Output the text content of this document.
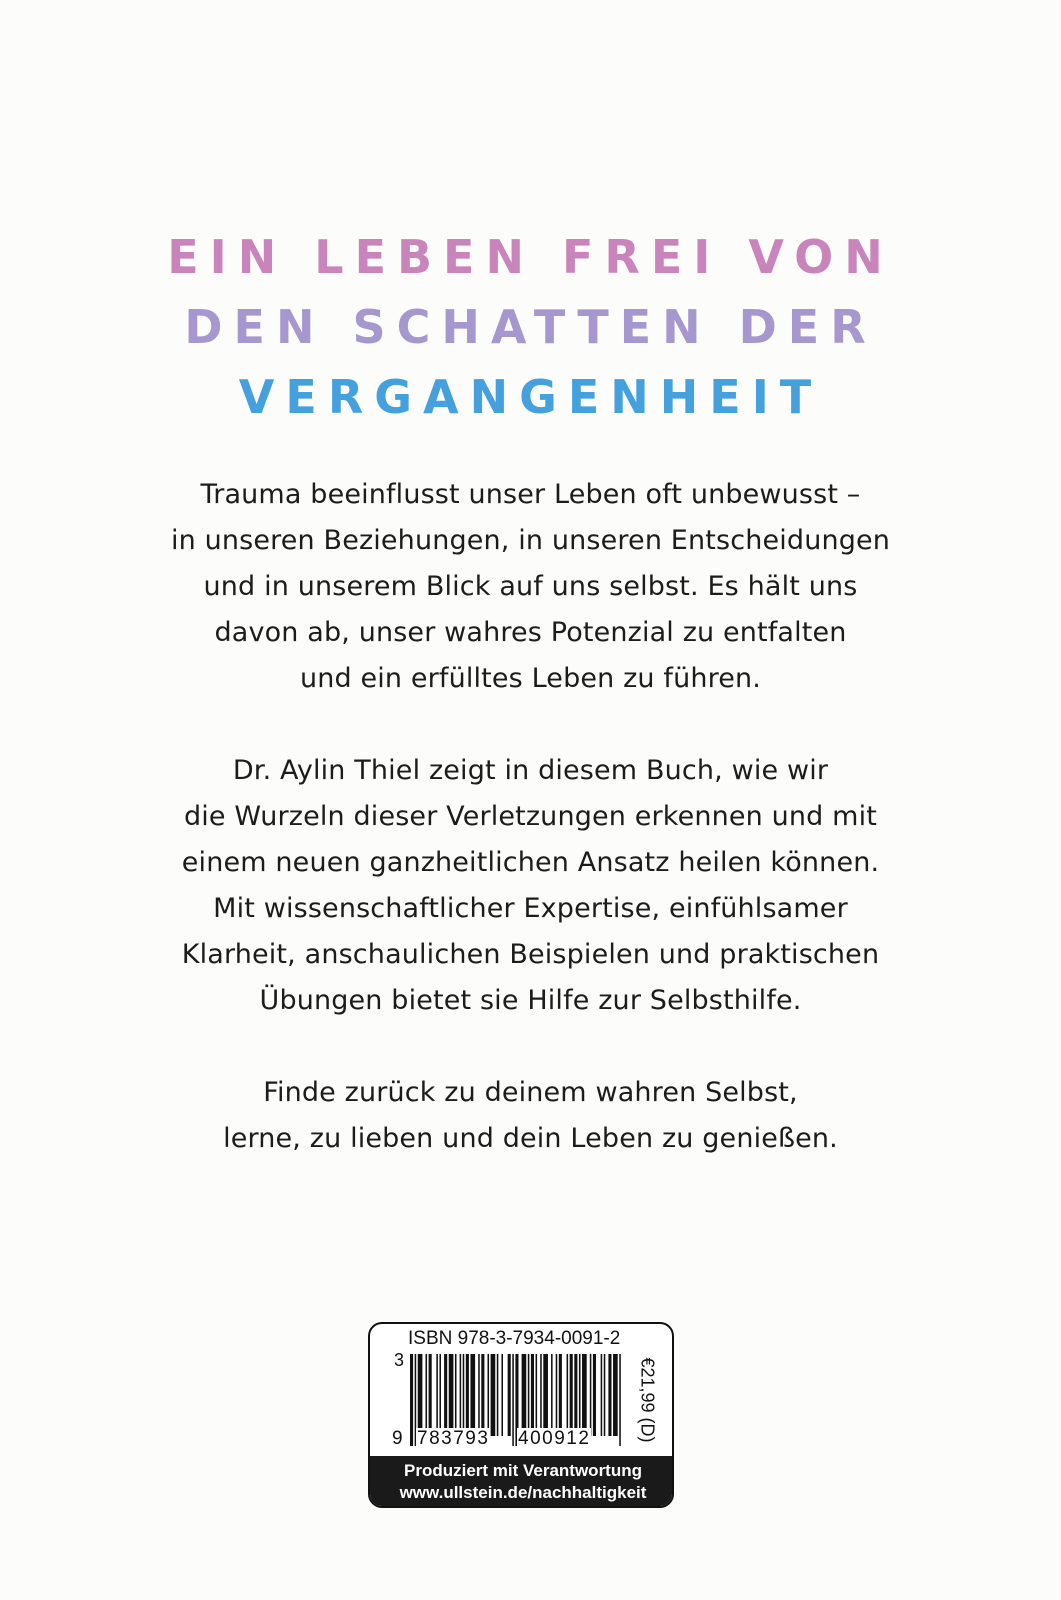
EIN LEBEN FREI VON
DEN SCHATTEN DER
VERGANGENHEIT
Trauma beeinflusst unser Leben oft unbewusst –
in unseren Beziehungen, in unseren Entscheidungen
und in unserem Blick auf uns selbst. Es hält uns
davon ab, unser wahres Potenzial zu entfalten
und ein erfülltes Leben zu führen.
Dr. Aylin Thiel zeigt in diesem Buch, wie wir
die Wurzeln dieser Verletzungen erkennen und mit
einem neuen ganzheitlichen Ansatz heilen können.
Mit wissenschaftlicher Expertise, einfühlsamer
Klarheit, anschaulichen Beispielen und praktischen
Übungen bietet sie Hilfe zur Selbsthilfe.
Finde zurück zu deinem wahren Selbst,
lerne, zu lieben und dein Leben zu genießen.
ISBN 978-3-7934-0091-2
3
9 783793 400912	€21,99 (D)
Produziert mit Verantwortung
www.ullstein.de/nachhaltigkeit
